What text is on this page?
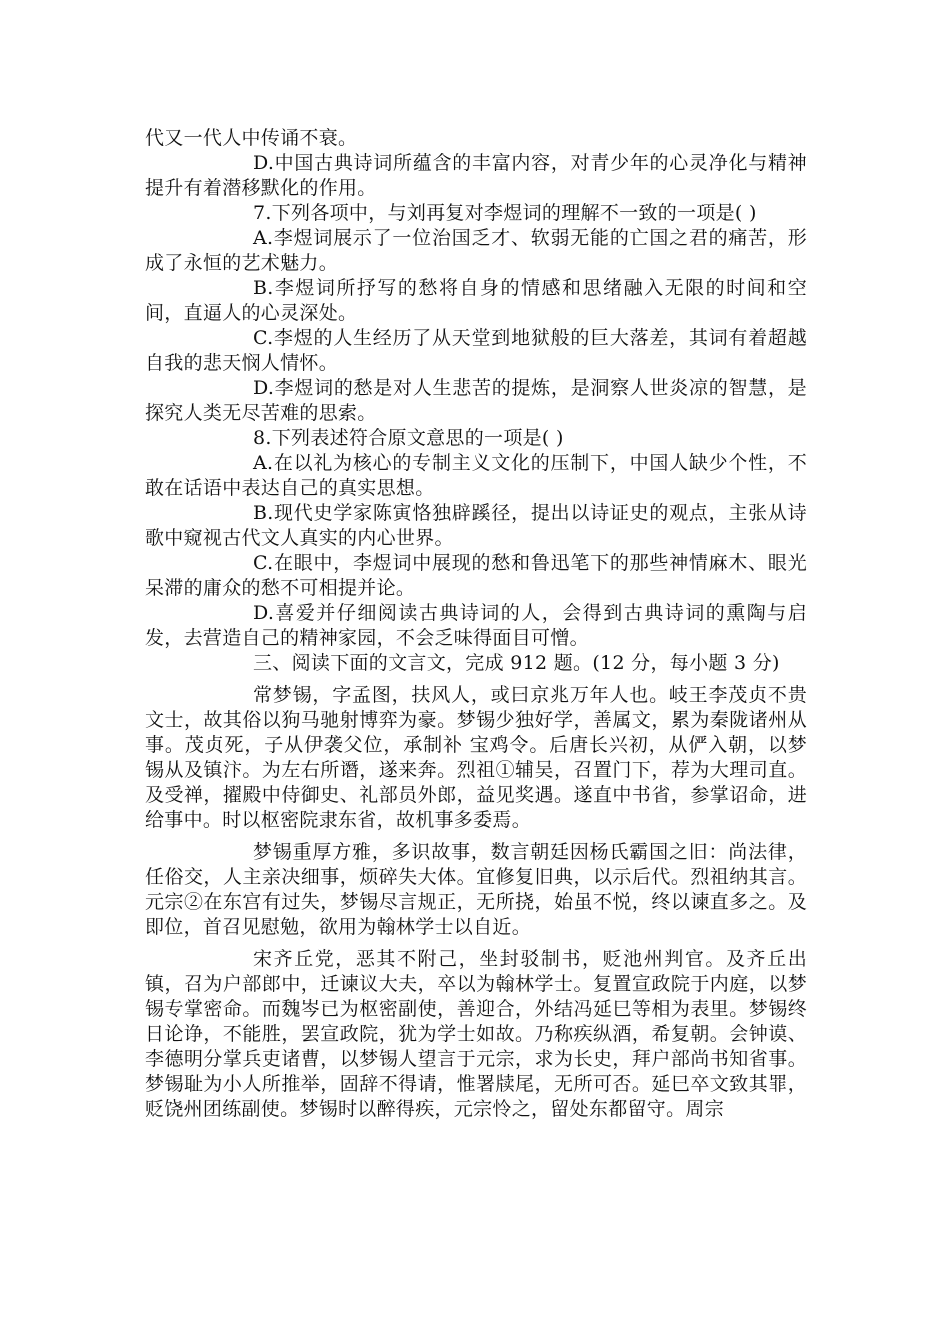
代又一代人中传诵不衰。

D.中国古典诗词所蕴含的丰富内容，对青少年的心灵净化与精神提升有着潜移默化的作用。

7.下列各项中，与刘再复对李煜词的理解不一致的一项是( )

A.李煜词展示了一位治国乏才、软弱无能的亡国之君的痛苦，形成了永恒的艺术魅力。

B.李煜词所抒写的愁将自身的情感和思绪融入无限的时间和空间，直逼人的心灵深处。

C.李煜的人生经历了从天堂到地狱般的巨大落差，其词有着超越自我的悲天悯人情怀。

D.李煜词的愁是对人生悲苦的提炼，是洞察人世炎凉的智慧，是探究人类无尽苦难的思索。

8.下列表述符合原文意思的一项是( )

A.在以礼为核心的专制主义文化的压制下，中国人缺少个性，不敢在话语中表达自己的真实思想。

B.现代史学家陈寅恪独辟蹊径，提出以诗证史的观点，主张从诗歌中窥视古代文人真实的内心世界。

C.在眼中，李煜词中展现的愁和鲁迅笔下的那些神情麻木、眼光呆滞的庸众的愁不可相提并论。

D.喜爱并仔细阅读古典诗词的人，会得到古典诗词的熏陶与启发，去营造自己的精神家园，不会乏味得面目可憎。

三、阅读下面的文言文，完成 912 题。(12 分，每小题 3 分)

常梦锡，字孟图，扶风人，或曰京兆万年人也。岐王李茂贞不贵文士，故其俗以狗马驰射博弈为豪。梦锡少独好学，善属文，累为秦陇诸州从事。茂贞死，子从伊袭父位，承制补 宝鸡令。后唐长兴初，从俨入朝，以梦锡从及镇汴。为左右所谮，遂来奔。烈祖①辅吴，召置门下，荐为大理司直。及受禅，擢殿中侍御史、礼部员外郎，益见奖遇。遂直中书省，参掌诏命，进给事中。时以枢密院隶东省，故机事多委焉。

梦锡重厚方雅，多识故事，数言朝廷因杨氏霸国之旧：尚法律，任俗交，人主亲决细事，烦碎失大体。宜修复旧典，以示后代。烈祖纳其言。元宗②在东宫有过失，梦锡尽言规正，无所挠，始虽不悦，终以谏直多之。及即位，首召见慰勉，欲用为翰林学士以自近。

宋齐丘党，恶其不附己，坐封驳制书，贬池州判官。及齐丘出镇，召为户部郎中，迁谏议大夫，卒以为翰林学士。复置宣政院于内庭，以梦锡专掌密命。而魏岑已为枢密副使，善迎合，外结冯延巳等相为表里。梦锡终日论诤，不能胜，罢宣政院，犹为学士如故。乃称疾纵酒，希复朝。会钟谟、李德明分掌兵吏诸曹，以梦锡人望言于元宗，求为长史，拜户部尚书知省事。梦锡耻为小人所推举，固辞不得请，惟署牍尾，无所可否。延巳卒文致其罪，贬饶州团练副使。梦锡时以醉得疾，元宗怜之，留处东都留守。周宗
